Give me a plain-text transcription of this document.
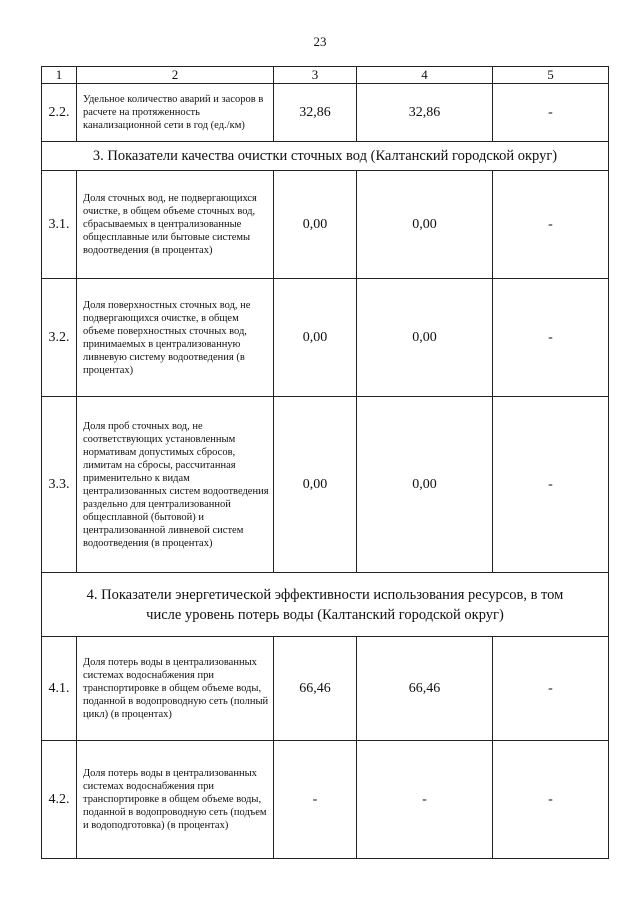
23
1	2	3	4	5
2.2.	Удельное количество аварий и засоров в расчете на протяженность канализационной сети в год (ед./км)	32,86	32,86	-
3. Показатели качества очистки сточных вод (Калтанский городской округ)				
3.1.	Доля сточных вод, не подвергающихся очистке, в общем объеме сточных вод, сбрасываемых в централизованные общесплавные или бытовые системы водоотведения (в процентах)	0,00	0,00	-
3.2.	Доля поверхностных сточных вод, не подвергающихся очистке, в общем объеме поверхностных сточных вод, принимаемых в централизованную ливневую систему водоотведения (в процентах)	0,00	0,00	-
3.3.	Доля проб сточных вод, не соответствующих установленным нормативам допустимых сбросов, лимитам на сбросы, рассчитанная применительно к видам централизованных систем водоотведения раздельно для централизованной общесплавной (бытовой) и централизованной ливневой систем водоотведения (в процентах)	0,00	0,00	-
4. Показатели энергетической эффективности использования ресурсов, в том числе уровень потерь воды (Калтанский городской округ)				
4.1.	Доля потерь воды в централизованных системах водоснабжения при транспортировке в общем объеме воды, поданной в водопроводную сеть (полный цикл) (в процентах)	66,46	66,46	-
4.2.	Доля потерь воды в централизованных системах водоснабжения при транспортировке в общем объеме воды, поданной в водопроводную сеть (подъем и водоподготовка) (в процентах)	-	-	-
